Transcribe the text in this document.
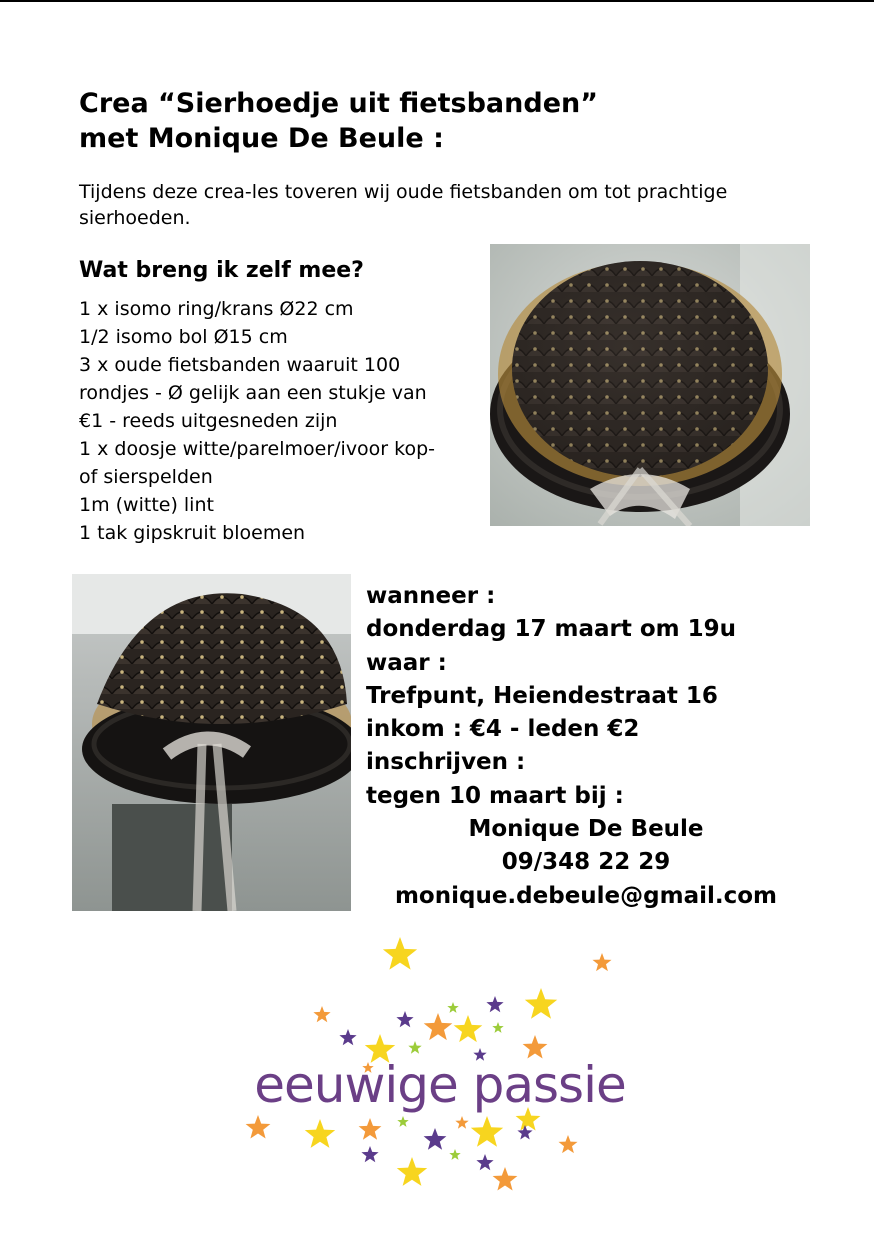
Crea “Sierhoedje uit fietsbanden”
met Monique De Beule :

Tijdens deze crea-les toveren wij oude fietsbanden om tot prachtige sierhoeden.

Wat breng ik zelf mee?
1 x isomo ring/krans Ø22 cm
1/2 isomo bol Ø15 cm
3 x oude fietsbanden waaruit 100
rondjes - Ø gelijk aan een stukje van
€1 - reeds uitgesneden zijn
1 x doosje witte/parelmoer/ivoor kop-
of sierspelden
1m (witte) lint
1 tak gipskruit bloemen
wanneer :
donderdag 17 maart om 19u
waar :
Trefpunt, Heiendestraat 16
inkom : €4 - leden €2
inschrijven :
tegen 10 maart bij :
Monique De Beule
09/348 22 29
monique.debeule@gmail.com
eeuwige passie
